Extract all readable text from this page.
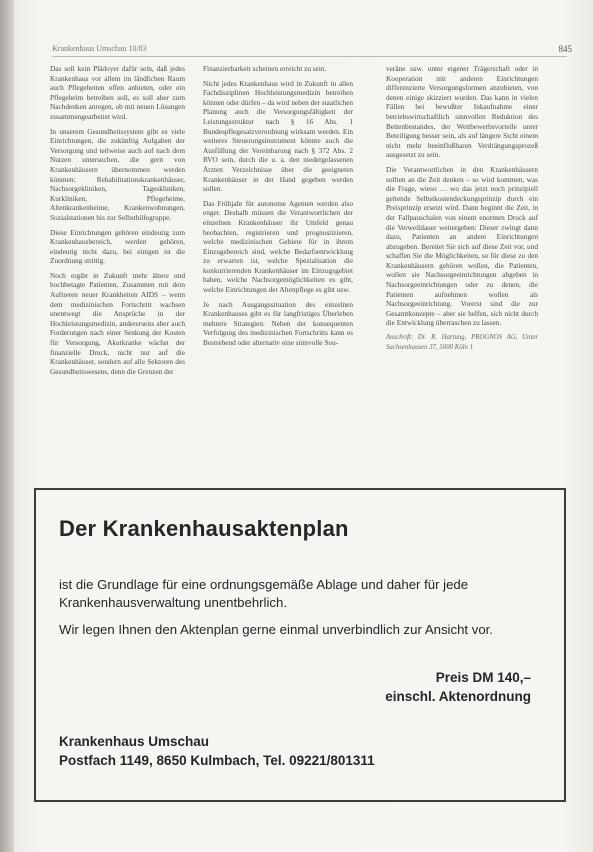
Krankenhaus Umschau 10/83	845

Das soll kein Plädoyer dafür sein, daß jedes Krankenhaus vor allem im ländlichen Raum auch Pflegebetten offen anbieten, oder ein Pflegeheim betreiben soll, es soll aber zum Nachdenken anregen, ob mit neuen Lösungen zusammengearbeitet wird.

In unserem Gesundheitssystem gibt es viele Einrichtungen, die zukünftig Aufgaben der Versorgung und teilweise auch auf nach dem Nutzen untersuchen, die gern von Krankenhäusern übernommen werden könnten: Rehabilitationskrankenhäuser, Nachsorgekliniken, Tageskliniken, Kurkliniken, Pflegeheime, Altenkrankenheime, Krankenwohnungen, Sozialstationen bis zur Selbsthilfegruppe.

Diese Einrichtungen gehören eindeutig zum Krankenhausbereich, werden gehören, eindeutig nicht dazu, bei einigen ist die Zuordnung strittig.

Noch ergibt in Zukunft mehr ältere und hochbetagte Patienten, Zusammen mit dem Auftreten neuer Krankheiten AIDS – wenn dem medizinischen Fortschritt wachsen unentwegt die Ansprüche in der Hochleistungsmedizin, andererseits aber auch Forderungen nach einer Senkung der Kosten für Versorgung, Akutkranke wächst der finanzielle Druck, nicht nur auf die Krankenhäuser, sondern auf alle Sektoren des Gesundheitswesens, denn die Grenzen der

Finanzierbarkeit scheinen erreicht zu sein.

Nicht jedes Krankenhaus wird in Zukunft in allen Fachdisziplinen Hochleistungsmedizin betreiben können oder dürfen – da wird neben der staatlichen Planung auch die Versorgungsfähigkeit der Leistungsstruktur nach § 16 Abs. 1 Bundespflegesatzverordnung wirksam werden. Ein weiteres Steuerungsinstrument könnte auch die Ausfüllung der Vereinbarung nach § 372 Abs. 2 RVO sein, durch die u. a. den niedergelassenen Ärzten Verzeichnisse über die geeigneten Krankenhäuser in der Hand gegeben werden sollen.

Das Frühjahr für autonome Agenten werden also enger. Deshalb müssen die Verantwortlichen der einzelnen Krankenhäuser ihr Umfeld genau beobachten, registrieren und prognostizieren, welche medizinischen Gebiete für in ihrem Einzugsbereich sind, welche Bedarfsentwicklung zu erwarten ist, welche Spezialisation die konkurrierenden Krankenhäuser im Einzugsgebiet haben, welche Nachsorgemöglichkeiten es gibt, welche Einrichtungen der Altenpflege es gibt usw.

Je nach Ausgangssituation des einzelnen Krankenhauses gibt es für langfristiges Überleben mehrere Strategien. Neben der konsequenten Verfolgung des medizinischen Fortschritts kann es Bestrebend oder alternativ eine sinnvolle Sou-

veräne usw. unter eigener Trägerschaft oder in Kooperation mit anderen Einrichtungen differenzierte Versorgungsformen anzubieten, von denen einige skizziert wurden. Das kann in vielen Fällen bei bewußter Inkaufnahme einer betriebswirtschaftlich sinnvollen Reduktion des Bettenbestandes, der Wettbewerbsvorteile unter Beteiligung besser sein, als auf längere Sicht einem nicht mehr beeinflußbaren Verdrängungsprozeß ausgesetzt zu sein.

Die Verantwortlichen in den Krankenhäusern sollten an die Zeit denken – so wird kommen, was die Frage, wieso … wo das jetzt noch prinzipiell geltende Selbstkostendeckungsprinzip durch ein Preisprinzip ersetzt wird. Dann beginnt die Zeit, in der Fallpauschalen von einem enormen Druck auf die Verweildauer weitergeben: Dieser zwingt dann dazu, Patienten an andere Einrichtungen abzugeben. Bereitet Sie sich auf diese Zeit vor, und schaffen Sie die Möglichkeiten, so für diese zu den Krankenhäusern gehören wollen, die Patienten, wollen sie Nachsorgeeinrichtungen abgeben in Nachsorgeeinrichtungen oder zu denen, die Patienten aufnehmen wollen als Nachsorgeeinrichtung. Vorerst sind die zur Gesamtkonzepte – aber sie helfen, sich nicht durch die Entwicklung überraschen zu lassen.

Anschrift: Dr. R. Hartung, PROGNOS AG, Unter Sachsenhausen 37, 5000 Köln 1

Der Krankenhausaktenplan
ist die Grundlage für eine ordnungsgemäße Ablage und daher für jede Krankenhausverwaltung unentbehrlich.
Wir legen Ihnen den Aktenplan gerne einmal unverbindlich zur Ansicht vor.
Preis DM 140,–
einschl. Aktenordnung
Krankenhaus Umschau
Postfach 1149, 8650 Kulmbach, Tel. 09221/801311
